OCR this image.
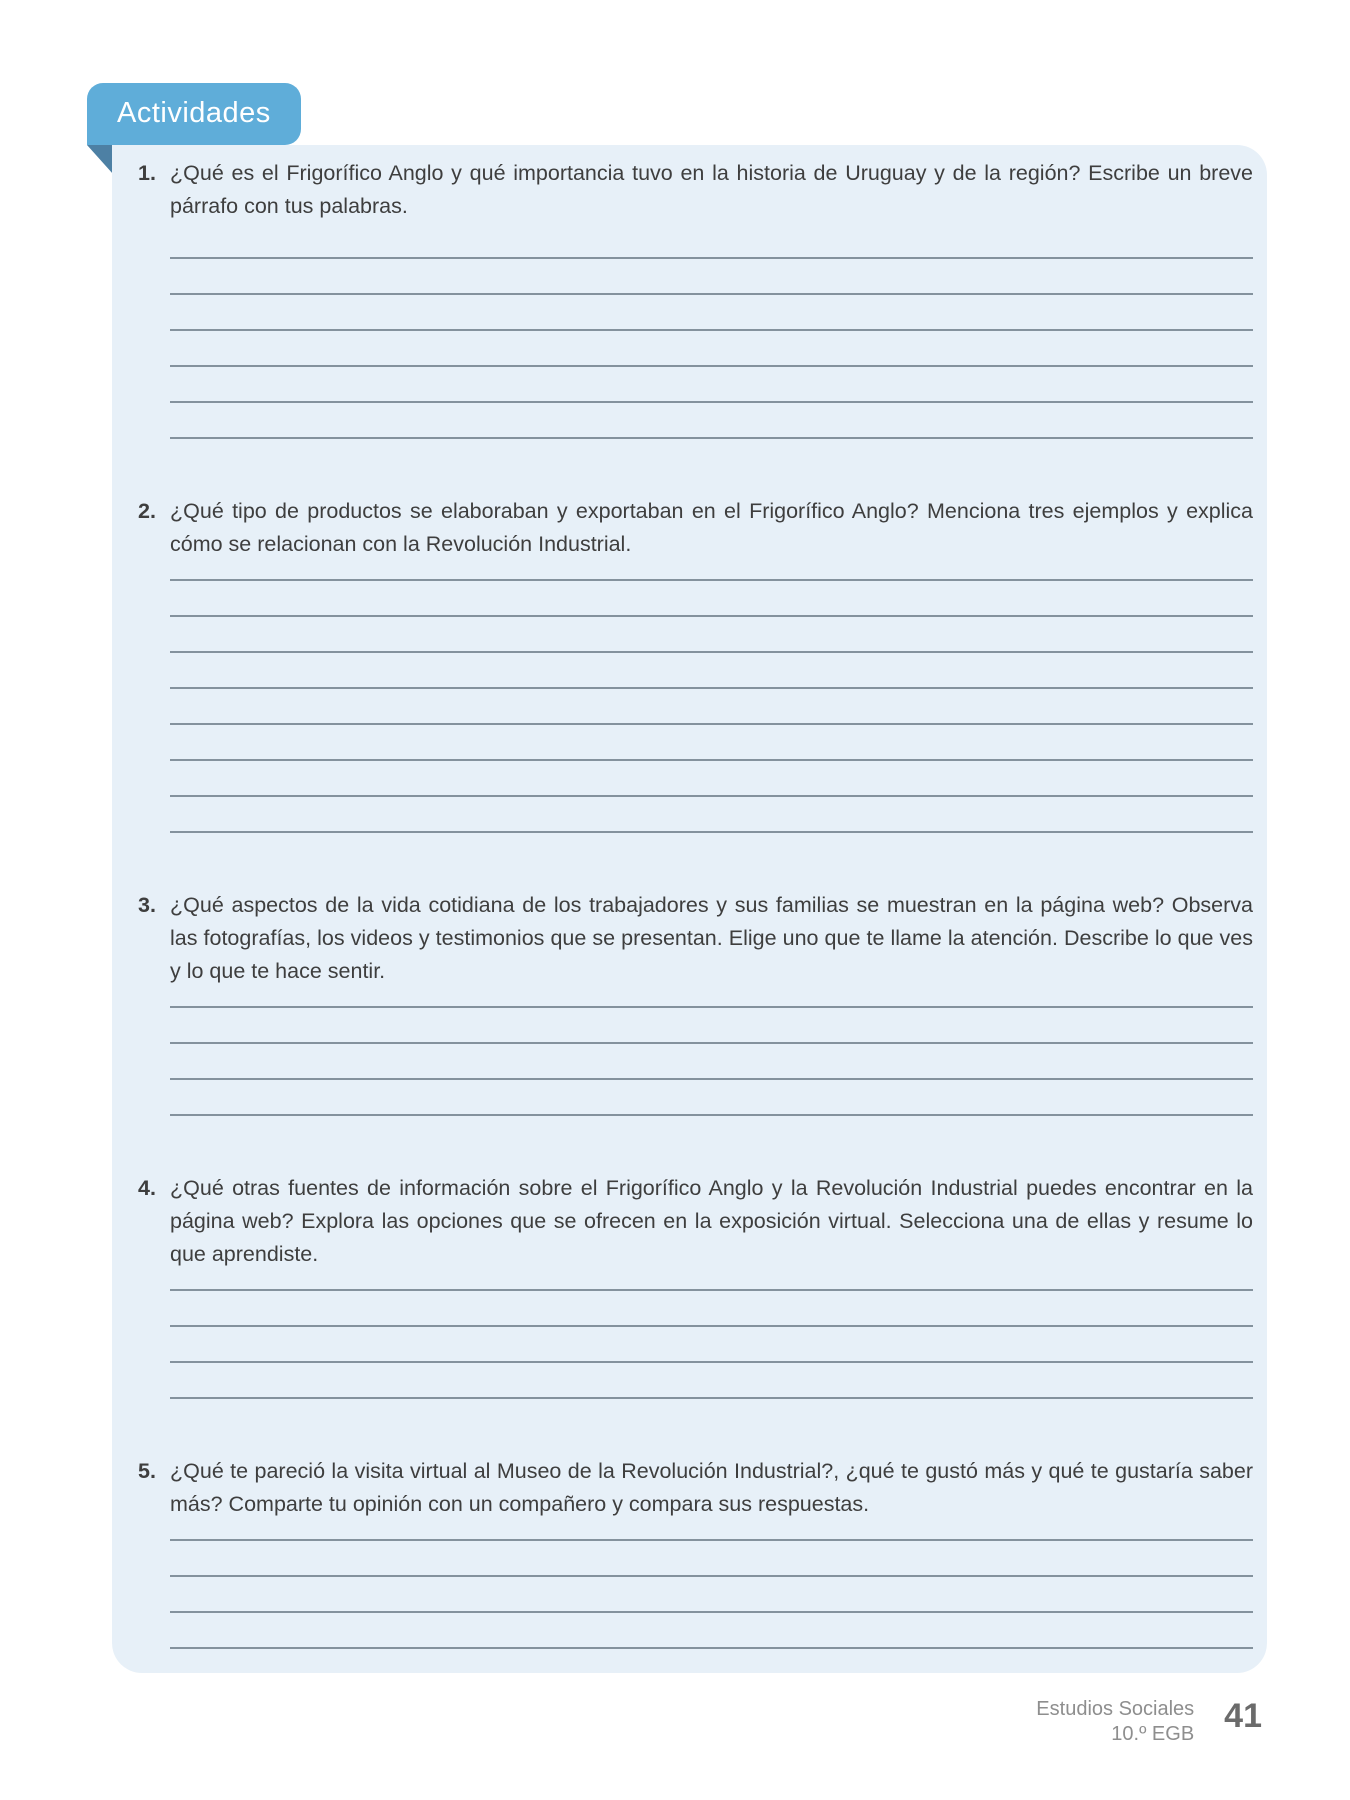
Actividades
1. ¿Qué es el Frigorífico Anglo y qué importancia tuvo en la historia de Uruguay y de la región? Escribe un breve párrafo con tus palabras.

2. ¿Qué tipo de productos se elaboraban y exportaban en el Frigorífico Anglo? Menciona tres ejemplos y explica cómo se relacionan con la Revolución Industrial.

3. ¿Qué aspectos de la vida cotidiana de los trabajadores y sus familias se muestran en la página web? Observa las fotografías, los videos y testimonios que se presentan. Elige uno que te llame la atención. Describe lo que ves y lo que te hace sentir.

4. ¿Qué otras fuentes de información sobre el Frigorífico Anglo y la Revolución Industrial puedes encontrar en la página web? Explora las opciones que se ofrecen en la exposición virtual. Selecciona una de ellas y resume lo que aprendiste.

5. ¿Qué te pareció la visita virtual al Museo de la Revolución Industrial?, ¿qué te gustó más y qué te gustaría saber más? Comparte tu opinión con un compañero y compara sus respuestas.

Estudios Sociales
10.º EGB 41
